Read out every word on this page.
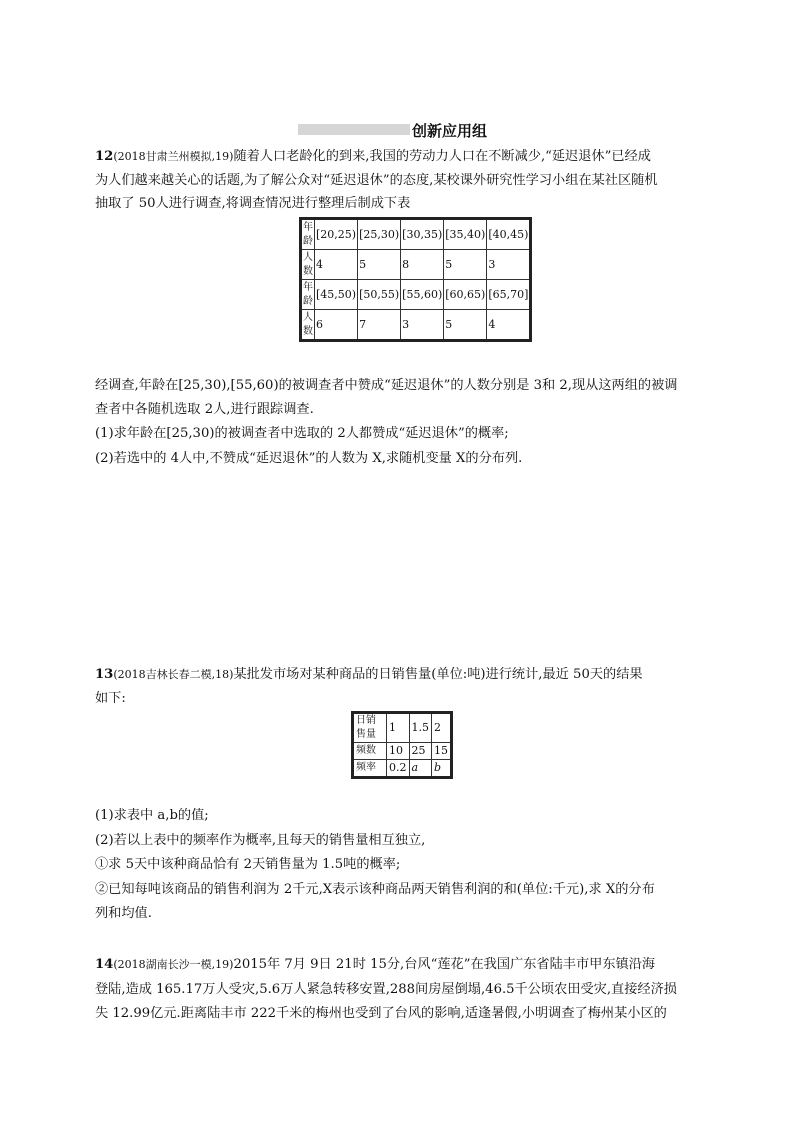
创新应用组
12(2018甘肃兰州模拟,19)随着人口老龄化的到来,我国的劳动力人口在不断减少,“延迟退休”已经成
为人们越来越关心的话题,为了解公众对“延迟退休”的态度,某校课外研究性学习小组在某社区随机
抽取了 50人进行调查,将调查情况进行整理后制成下表
年龄	[20,25)	[25,30)	[30,35)	[35,40)	[40,45)
人数	4	5	8	5	3
年龄	[45,50)	[50,55)	[55,60)	[60,65)	[65,70]
人数	6	7	3	5	4
经调查,年龄在[25,30),[55,60)的被调查者中赞成“延迟退休”的人数分别是 3和 2,现从这两组的被调
查者中各随机选取 2人,进行跟踪调查.
(1)求年龄在[25,30)的被调查者中选取的 2人都赞成“延迟退休”的概率;
(2)若选中的 4人中,不赞成“延迟退休”的人数为 X,求随机变量 X的分布列.
13(2018吉林长春二模,18)某批发市场对某种商品的日销售量(单位:吨)进行统计,最近 50天的结果
如下:
日销售量	1	1.5	2
频数	10	25	15
频率	0.2	a	b
(1)求表中 a,b的值;
(2)若以上表中的频率作为概率,且每天的销售量相互独立,
①求 5天中该种商品恰有 2天销售量为 1.5吨的概率;
②已知每吨该商品的销售利润为 2千元,X表示该种商品两天销售利润的和(单位:千元),求 X的分布
列和均值.
14(2018湖南长沙一模,19)2015年 7月 9日 21时 15分,台风“莲花”在我国广东省陆丰市甲东镇沿海
登陆,造成 165.17万人受灾,5.6万人紧急转移安置,288间房屋倒塌,46.5千公顷农田受灾,直接经济损
失 12.99亿元.距离陆丰市 222千米的梅州也受到了台风的影响,适逢暑假,小明调查了梅州某小区的
